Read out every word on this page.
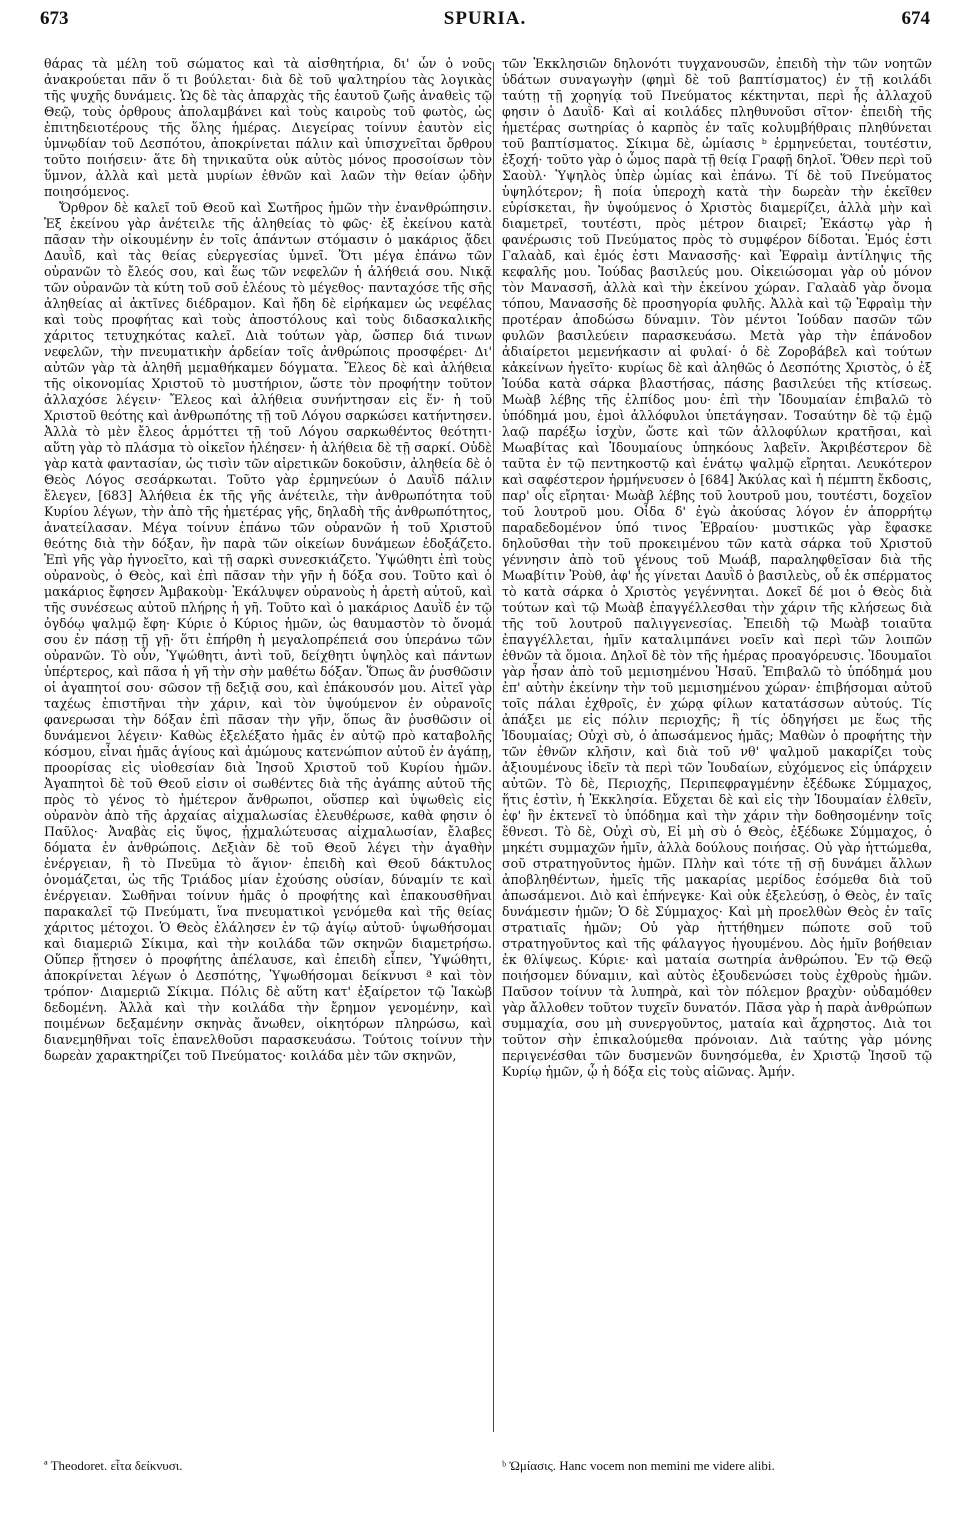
673	SPURIA.	674

θάρας τὰ μέλη τοῦ σώματος καὶ τὰ αἰσθητήρια, δι' ὧν ὁ νοῦς ἀνακρούεται πᾶν ὅ τι βούλεται· διὰ δὲ τοῦ ψαλτηρίου τὰς λογικὰς τῆς ψυχῆς δυνάμεις. Ὡς δὲ τὰς ἀπαρχὰς τῆς ἑαυτοῦ ζωῆς ἀναθεὶς τῷ Θεῷ, τοὺς ὀρθρους ἀπολαμβάνει καὶ τοὺς καιροὺς τοῦ φωτὸς, ὡς ἐπιτηδειοτέρους τῆς ὅλης ἡμέρας. Διεγείρας τοίνυν ἑαυτὸν εἰς ὑμνῳδίαν τοῦ Δεσπότου, ἀποκρίνεται πάλιν καὶ ὑπισχνεῖται ὄρθρου τοῦτο ποιήσειν· ἅτε δὴ τηνικαῦτα οὐκ αὐτὸς μόνος προσοίσων τὸν ὕμνον, ἀλλὰ καὶ μετὰ μυρίων ἐθνῶν καὶ λαῶν τὴν θείαν ᾠδὴν ποιησόμενος.

Ὄρθρον δὲ καλεῖ τοῦ Θεοῦ καὶ Σωτῆρος ἡμῶν τὴν ἐνανθρώπησιν. Ἐξ ἐκείνου γὰρ ἀνέτειλε τῆς ἀληθείας τὸ φῶς· ἐξ ἐκείνου κατὰ πᾶσαν τὴν οἰκουμένην ἐν τοῖς ἁπάντων στόμασιν ὁ μακάριος ᾄδει Δαυῒδ, καὶ τὰς θείας εὐεργεσίας ὑμνεῖ. Ὅτι μέγα ἐπάνω τῶν οὐρανῶν τὸ ἔλεός σου, καὶ ἕως τῶν νεφελῶν ἡ ἀλήθειά σου. Νικᾷ τῶν οὐρανῶν τὰ κύτη τοῦ σοῦ ἐλέους τὸ μέγεθος· πανταχόσε τῆς σῆς ἀληθείας αἱ ἀκτῖνες διέδραμον. Καὶ ἤδη δὲ εἰρήκαμεν ὡς νεφέλας καὶ τοὺς προφήτας καὶ τοὺς ἀποστόλους καὶ τοὺς διδασκαλικῆς χάριτος τετυχηκότας καλεῖ. Διὰ τούτων γὰρ, ὥσπερ διά τινων νεφελῶν, τὴν πνευματικὴν ἀρδείαν τοῖς ἀνθρώποις προσφέρει· Δι' αὐτῶν γὰρ τὰ ἀληθῆ μεμαθήκαμεν δόγματα. Ἔλεος δὲ καὶ ἀλήθεια τῆς οἰκονομίας Χριστοῦ τὸ μυστήριον, ὥστε τὸν προφήτην τοῦτον ἀλλαχόσε λέγειν· Ἔλεος καὶ ἀλήθεια συνήντησαν εἰς ἕν· ἡ τοῦ Χριστοῦ θεότης καὶ ἀνθρωπότης τῇ τοῦ Λόγου σαρκώσει κατήντησεν. Ἀλλὰ τὸ μὲν ἔλεος ἁρμόττει τῇ τοῦ Λόγου σαρκωθέντος θεότητι· αὕτη γὰρ τὸ πλάσμα τὸ οἰκεῖον ἠλέησεν· ἡ ἀλήθεια δὲ τῇ σαρκί. Οὐδὲ γὰρ κατὰ φαντασίαν, ὡς τισὶν τῶν αἱρετικῶν δοκοῦσιν, ἀληθεία δὲ ὁ Θεὸς Λόγος σεσάρκωται. Τοῦτο γὰρ ἑρμηνεύων ὁ Δαυῒδ πάλιν ἔλεγεν, [683] Ἀλήθεια ἐκ τῆς γῆς ἀνέτειλε, τὴν ἀνθρωπότητα τοῦ Κυρίου λέγων, τὴν ἀπὸ τῆς ἡμετέρας γῆς, δηλαδὴ τῆς ἀνθρωπότητος, ἀνατείλασαν. Μέγα τοίνυν ἐπάνω τῶν οὐρανῶν ἡ τοῦ Χριστοῦ θεότης διὰ τὴν δόξαν, ἣν παρὰ τῶν οἰκείων δυνάμεων ἐδοξάζετο. Ἐπὶ γῆς γὰρ ἠγνοεῖτο, καὶ τῇ σαρκὶ συνεσκιάζετο. Ὑψώθητι ἐπὶ τοὺς οὐρανοὺς, ὁ Θεὸς, καὶ ἐπὶ πᾶσαν τὴν γῆν ἡ δόξα σου. Τοῦτο καὶ ὁ μακάριος ἔφησεν Ἀμβακοὺμ· Ἐκάλυψεν οὐρανοὺς ἡ ἀρετὴ αὐτοῦ, καὶ τῆς συνέσεως αὐτοῦ πλήρης ἡ γῆ. Τοῦτο καὶ ὁ μακάριος Δαυῒδ ἐν τῷ ὀγδόῳ ψαλμῷ ἔφη· Κύριε ὁ Κύριος ἡμῶν, ὡς θαυμαστὸν τὸ ὄνομά σου ἐν πάσῃ τῇ γῇ· ὅτι ἐπήρθη ἡ μεγαλοπρέπειά σου ὑπεράνω τῶν οὐρανῶν. Τὸ οὖν, Ὑψώθητι, ἀντὶ τοῦ, δείχθητι ὑψηλὸς καὶ πάντων ὑπέρτερος, καὶ πᾶσα ἡ γῆ τὴν σὴν μαθέτω δόξαν. Ὅπως ἂν ῥυσθῶσιν οἱ ἀγαπητοί σου· σῶσον τῇ δεξιᾷ σου, καὶ ἐπάκουσόν μου. Αἰτεῖ γὰρ ταχέως ἐπιστῆναι τὴν χάριν, καὶ τὸν ὑψούμενον ἐν οὐρανοῖς φανερωσαι τὴν δόξαν ἐπὶ πᾶσαν τὴν γῆν, ὅπως ἂν ῥυσθῶσιν οἱ δυνάμενοι λέγειν· Καθὼς ἐξελέξατο ἡμᾶς ἐν αὐτῷ πρὸ καταβολῆς κόσμου, εἶναι ἡμᾶς ἁγίους καὶ ἀμώμους κατενώπιον αὐτοῦ ἐν ἀγάπῃ, προορίσας εἰς υἱοθεσίαν διὰ Ἰησοῦ Χριστοῦ τοῦ Κυρίου ἡμῶν. Ἀγαπητοὶ δὲ τοῦ Θεοῦ εἰσιν οἱ σωθέντες διὰ τῆς ἀγάπης αὐτοῦ τῆς πρὸς τὸ γένος τὸ ἡμέτερον ἄνθρωποι, οὕσπερ καὶ ὑψωθεὶς εἰς οὐρανὸν ἀπὸ τῆς ἀρχαίας αἰχμαλωσίας ἐλευθέρωσε, καθὰ φησιν ὁ Παῦλος· Ἀναβὰς εἰς ὕψος, ᾐχμαλώτευσας αἰχμαλωσίαν, ἔλαβες δόματα ἐν ἀνθρώποις. Δεξιὰν δὲ τοῦ Θεοῦ λέγει τὴν ἀγαθὴν ἐνέργειαν, ἢ τὸ Πνεῦμα τὸ ἅγιον· ἐπειδὴ καὶ Θεοῦ δάκτυλος ὀνομάζεται, ὡς τῆς Τριάδος μίαν ἐχούσης οὐσίαν, δύναμίν τε καὶ ἐνέργειαν. Σωθῆναι τοίνυν ἡμᾶς ὁ προφήτης καὶ ἐπακουσθῆναι παρακαλεῖ τῷ Πνεύματι, ἵνα πνευματικοὶ γενόμεθα καὶ τῆς θείας χάριτος μέτοχοι. Ὁ Θεὸς ἐλάλησεν ἐν τῷ ἁγίῳ αὐτοῦ· ὑψωθήσομαι καὶ διαμεριῶ Σίκιμα, καὶ τὴν κοιλάδα τῶν σκηνῶν διαμετρήσω. Οὕπερ ᾔτησεν ὁ προφήτης ἀπέλαυσε, καὶ ἐπειδὴ εἶπεν, Ὑψώθητι, ἀποκρίνεται λέγων ὁ Δεσπότης, Ὑψωθήσομαι δείκνυσι ª καὶ τὸν τρόπον· Διαμεριῶ Σίκιμα. Πόλις δὲ αὕτη κατ' ἐξαίρετον τῷ Ἰακὼβ δεδομένη. Ἀλλὰ καὶ τὴν κοιλάδα τὴν ἔρημον γενομένην, καὶ ποιμένων δεξαμένην σκηνὰς ἄνωθεν, οἰκητόρων πληρώσω, καὶ διανεμηθῆναι τοῖς ἐπανελθοῦσι παρασκευάσω. Τούτοις τοίνυν τὴν δωρεὰν χαρακτηρίζει τοῦ Πνεύματος· κοιλάδα μὲν τῶν σκηνῶν,

τῶν Ἐκκλησιῶν δηλονότι τυγχανουσῶν, ἐπειδὴ τὴν τῶν νοητῶν ὑδάτων συναγωγὴν (φημὶ δὲ τοῦ βαπτίσματος) ἐν τῇ κοιλάδι ταύτῃ τῇ χορηγίᾳ τοῦ Πνεύματος κέκτηνται, περὶ ἧς ἀλλαχοῦ φησιν ὁ Δαυῒδ· Καὶ αἱ κοιλάδες πληθυνοῦσι σῖτον· ἐπειδὴ τῆς ἡμετέρας σωτηρίας ὁ καρπὸς ἐν ταῖς κολυμβήθραις πληθύνεται τοῦ βαπτίσματος. Σίκιμα δὲ, ὠμίασις ᵇ ἑρμηνεύεται, τουτέστιν, ἐξοχή· τοῦτο γὰρ ὁ ὦμος παρὰ τῇ θείᾳ Γραφῇ δηλοῖ. Ὅθεν περὶ τοῦ Σαοὺλ· Ὑψηλὸς ὑπὲρ ὠμίας καὶ ἐπάνω. Τί δὲ τοῦ Πνεύματος ὑψηλότερον; ἢ ποία ὑπεροχὴ κατὰ τὴν δωρεὰν τὴν ἐκεῖθεν εὑρίσκεται, ἣν ὑψούμενος ὁ Χριστὸς διαμερίζει, ἀλλὰ μὴν καὶ διαμετρεῖ, τουτέστι, πρὸς μέτρον διαιρεῖ; Ἑκάστῳ γὰρ ἡ φανέρωσις τοῦ Πνεύματος πρὸς τὸ συμφέρον δίδοται. Ἐμός ἐστι Γαλαὰδ, καὶ ἐμός ἐστι Μανασσῆς· καὶ Ἐφραὶμ ἀντίληψις τῆς κεφαλῆς μου. Ἰούδας βασιλεύς μου. Οἰκειώσομαι γὰρ οὐ μόνον τὸν Μανασσῆ, ἀλλὰ καὶ τὴν ἐκείνου χώραν. Γαλαὰδ γὰρ ὄνομα τόπου, Μανασσῆς δὲ προσηγορία φυλῆς. Ἀλλὰ καὶ τῷ Ἐφραὶμ τὴν προτέραν ἀποδώσω δύναμιν. Τὸν μέντοι Ἰούδαν πασῶν τῶν φυλῶν βασιλεύειν παρασκευάσω. Μετὰ γὰρ τὴν ἐπάνοδον ἀδιαίρετοι μεμενήκασιν αἱ φυλαί· ὁ δὲ Ζοροβάβελ καὶ τούτων κἀκείνων ἡγεῖτο· κυρίως δὲ καὶ ἀληθῶς ὁ Δεσπότης Χριστὸς, ὁ ἐξ Ἰούδα κατὰ σάρκα βλαστήσας, πάσης βασιλεύει τῆς κτίσεως. Μωὰβ λέβης τῆς ἐλπίδος μου· ἐπὶ τὴν Ἰδουμαίαν ἐπιβαλῶ τὸ ὑπόδημά μου, ἐμοὶ ἀλλόφυλοι ὑπετάγησαν. Τοσαύτην δὲ τῷ ἐμῷ λαῷ παρέξω ἰσχὺν, ὥστε καὶ τῶν ἀλλοφύλων κρατῆσαι, καὶ Μωαβίτας καὶ Ἰδουμαίους ὑπηκόους λαβεῖν. Ἀκριβέστερον δὲ ταῦτα ἐν τῷ πεντηκοστῷ καὶ ἑνάτῳ ψαλμῷ εἴρηται. Λευκότερον καὶ σαφέστερον ἡρμήνευσεν ὁ [684] Ἀκύλας καὶ ἡ πέμπτη ἔκδοσις, παρ' οἷς εἴρηται· Μωὰβ λέβης τοῦ λουτροῦ μου, τουτέστι, δοχεῖον τοῦ λουτροῦ μου. Οἶδα δ' ἐγὼ ἀκούσας λόγον ἐν ἀπορρήτῳ παραδεδομένον ὑπό τινος Ἑβραίου· μυστικῶς γὰρ ἔφασκε δηλοῦσθαι τὴν τοῦ προκειμένου τῶν κατὰ σάρκα τοῦ Χριστοῦ γέννησιν ἀπὸ τοῦ γένους τοῦ Μωάβ, παραληφθεῖσαν διὰ τῆς Μωαβίτιν Ῥοὺθ, ἀφ' ἧς γίνεται Δαυῒδ ὁ βασιλεὺς, οὗ ἐκ σπέρματος τὸ κατὰ σάρκα ὁ Χριστὸς γεγέννηται. Δοκεῖ δέ μοι ὁ Θεὸς διὰ τούτων καὶ τῷ Μωὰβ ἐπαγγέλλεσθαι τὴν χάριν τῆς κλήσεως διὰ τῆς τοῦ λουτροῦ παλιγγενεσίας. Ἐπειδὴ τῷ Μωὰβ τοιαῦτα ἐπαγγέλλεται, ἡμῖν καταλιμπάνει νοεῖν καὶ περὶ τῶν λοιπῶν ἐθνῶν τὰ ὅμοια. Δηλοῖ δὲ τὸν τῆς ἡμέρας προαγόρευσις. Ἰδουμαῖοι γὰρ ἦσαν ἀπὸ τοῦ μεμισημένου Ἠσαῦ. Ἐπιβαλῶ τὸ ὑπόδημά μου ἐπ' αὐτὴν ἐκείνην τὴν τοῦ μεμισημένου χώραν· ἐπιβήσομαι αὐτοῦ τοῖς πάλαι ἐχθροῖς, ἐν χώρᾳ φίλων κατατάσσων αὐτούς. Τίς ἀπάξει με εἰς πόλιν περιοχῆς; ἢ τίς ὁδηγήσει με ἕως τῆς Ἰδουμαίας; Οὐχὶ σὺ, ὁ ἀπωσάμενος ἡμᾶς; Μαθὼν ὁ προφήτης τὴν τῶν ἐθνῶν κλῆσιν, καὶ διὰ τοῦ νθ' ψαλμοῦ μακαρίζει τοὺς ἀξιουμένους ἰδεῖν τὰ περὶ τῶν Ἰουδαίων, εὐχόμενος εἰς ὑπάρχειν αὐτῶν. Τὸ δὲ, Περιοχῆς, Περιπεφραγμένην ἐξέδωκε Σύμμαχος, ἥτις ἐστὶν, ἡ Ἐκκλησία. Εὔχεται δὲ καὶ εἰς τὴν Ἰδουμαίαν ἐλθεῖν, ἐφ' ἣν ἐκτενεῖ τὸ ὑπόδημα καὶ τὴν χάριν τὴν δοθησομένην τοῖς ἔθνεσι. Τὸ δὲ, Οὐχὶ σὺ, Εἰ μὴ σὺ ὁ Θεὸς, ἐξέδωκε Σύμμαχος, ὁ μηκέτι συμμαχῶν ἡμῖν, ἀλλὰ δούλους ποιήσας. Οὐ γὰρ ἡττώμεθα, σοῦ στρατηγοῦντος ἡμῶν. Πλὴν καὶ τότε τῇ σῇ δυνάμει ἄλλων ἀποβληθέντων, ἡμεῖς τῆς μακαρίας μερίδος ἐσόμεθα διὰ τοῦ ἀπωσάμενοι. Διὸ καὶ ἐπήνεγκε· Καὶ οὐκ ἐξελεύσῃ, ὁ Θεὸς, ἐν ταῖς δυνάμεσιν ἡμῶν; Ὁ δὲ Σύμμαχος· Καὶ μὴ προελθὼν Θεὸς ἐν ταῖς στρατιαῖς ἡμῶν; Οὐ γὰρ ἡττήθημεν πώποτε σοῦ τοῦ στρατηγοῦντος καὶ τῆς φάλαγγος ἡγουμένου. Δὸς ἡμῖν βοήθειαν ἐκ θλίψεως. Κύριε· καὶ ματαία σωτηρία ἀνθρώπου. Ἐν τῷ Θεῷ ποιήσομεν δύναμιν, καὶ αὐτὸς ἐξουδενώσει τοὺς ἐχθροὺς ἡμῶν. Παῦσον τοίνυν τὰ λυπηρὰ, καὶ τὸν πόλεμον βραχὺν· οὐδαμόθεν γὰρ ἄλλοθεν τοῦτον τυχεῖν δυνατόν. Πᾶσα γὰρ ἡ παρὰ ἀνθρώπων συμμαχία, σου μὴ συνεργοῦντος, ματαία καὶ ἄχρηστος. Διὰ τοι τοῦτον σὴν ἐπικαλούμεθα πρόνοιαν. Διὰ ταύτης γὰρ μόνης περιγενέσθαι τῶν δυσμενῶν δυνησόμεθα, ἐν Χριστῷ Ἰησοῦ τῷ Κυρίῳ ἡμῶν, ᾧ ἡ δόξα εἰς τοὺς αἰῶνας. Ἀμήν.

ª Theodoret. εἶτα δείκνυσι.	ᵇ Ὠμίασις. Hanc vocem non memini me videre alibi.
